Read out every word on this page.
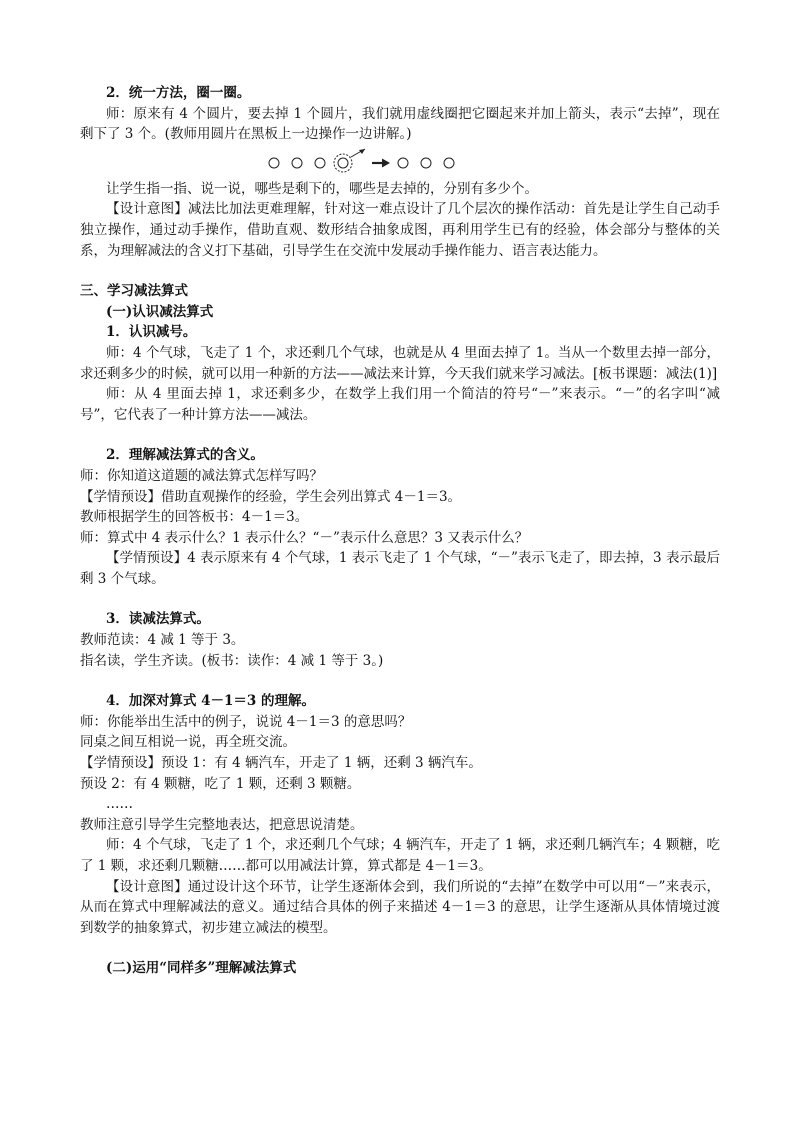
2．统一方法，圈一圈。

师：原来有 4 个圆片，要去掉 1 个圆片，我们就用虚线圈把它圈起来并加上箭头，表示“去掉”，现在剩下了 3 个。(教师用圆片在黑板上一边操作一边讲解。)

让学生指一指、说一说，哪些是剩下的，哪些是去掉的，分别有多少个。

【设计意图】减法比加法更难理解，针对这一难点设计了几个层次的操作活动：首先是让学生自己动手独立操作，通过动手操作，借助直观、数形结合抽象成图，再利用学生已有的经验，体会部分与整体的关系，为理解减法的含义打下基础，引导学生在交流中发展动手操作能力、语言表达能力。

三、学习减法算式

(一)认识减法算式

1．认识减号。

师：4 个气球，飞走了 1 个，求还剩几个气球，也就是从 4 里面去掉了 1。当从一个数里去掉一部分，求还剩多少的时候，就可以用一种新的方法——减法来计算，今天我们就来学习减法。[板书课题：减法(1)]

师：从 4 里面去掉 1，求还剩多少，在数学上我们用一个简洁的符号“－”来表示。“－”的名字叫“减号”，它代表了一种计算方法——减法。

2．理解减法算式的含义。

师：你知道这道题的减法算式怎样写吗？

【学情预设】借助直观操作的经验，学生会列出算式 4－1＝3。

教师根据学生的回答板书：4－1＝3。

师：算式中 4 表示什么？1 表示什么？“－”表示什么意思？3 又表示什么？

【学情预设】4 表示原来有 4 个气球，1 表示飞走了 1 个气球，“－”表示飞走了，即去掉，3 表示最后剩 3 个气球。

3．读减法算式。

教师范读：4 减 1 等于 3。

指名读，学生齐读。(板书：读作：4 减 1 等于 3。)

4．加深对算式 4－1＝3 的理解。

师：你能举出生活中的例子，说说 4－1＝3 的意思吗？

同桌之间互相说一说，再全班交流。

【学情预设】预设 1：有 4 辆汽车，开走了 1 辆，还剩 3 辆汽车。

预设 2：有 4 颗糖，吃了 1 颗，还剩 3 颗糖。

……

教师注意引导学生完整地表达，把意思说清楚。

师：4 个气球，飞走了 1 个，求还剩几个气球；4 辆汽车，开走了 1 辆，求还剩几辆汽车；4 颗糖，吃了 1 颗，求还剩几颗糖……都可以用减法计算，算式都是 4－1＝3。

【设计意图】通过设计这个环节，让学生逐渐体会到，我们所说的“去掉”在数学中可以用“－”来表示，从而在算式中理解减法的意义。通过结合具体的例子来描述 4－1＝3 的意思，让学生逐渐从具体情境过渡到数学的抽象算式，初步建立减法的模型。

(二)运用“同样多”理解减法算式
